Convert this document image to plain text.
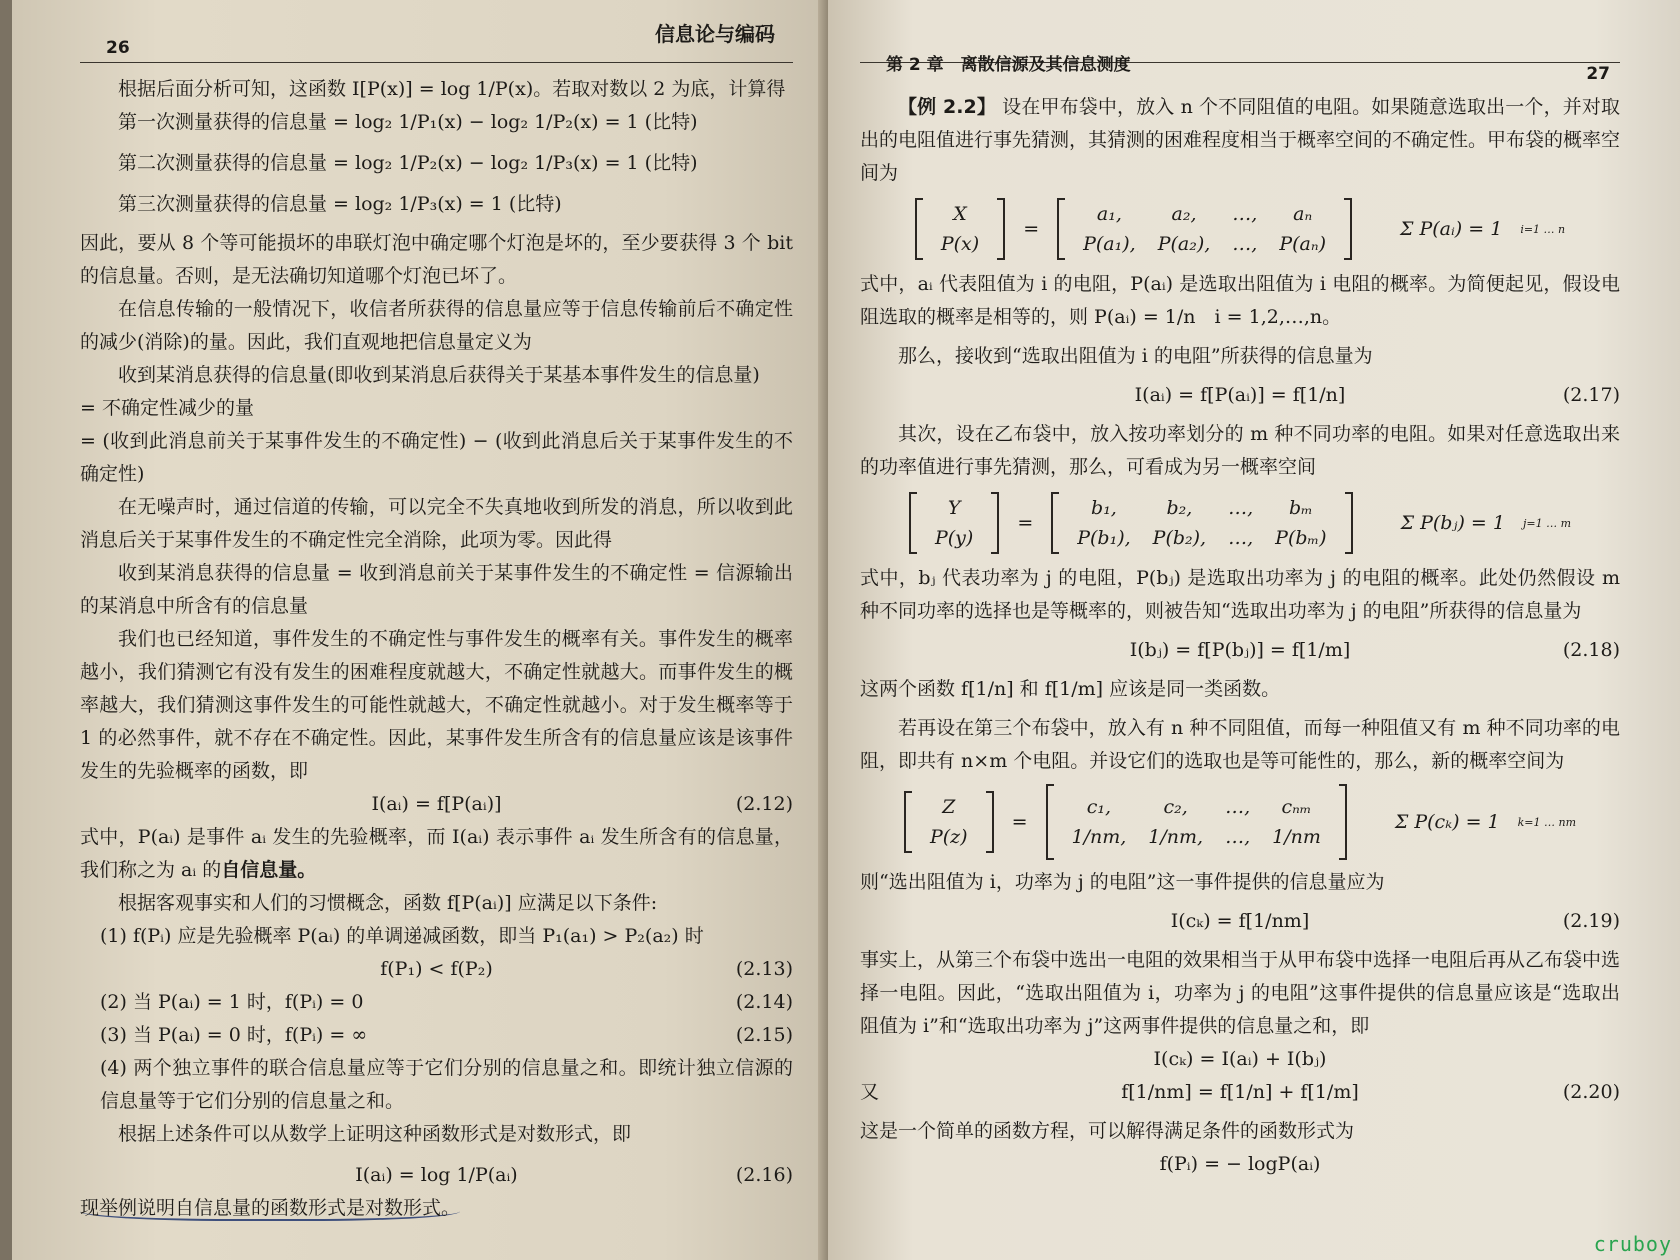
26
信息论与编码

根据后面分析可知，这函数 I[P(x)] = log 1/P(x)。若取对数以 2 为底，计算得

第一次测量获得的信息量 = log₂ 1/P₁(x) − log₂ 1/P₂(x) = 1 (比特)

第二次测量获得的信息量 = log₂ 1/P₂(x) − log₂ 1/P₃(x) = 1 (比特)

第三次测量获得的信息量 = log₂ 1/P₃(x) = 1 (比特)

因此，要从 8 个等可能损坏的串联灯泡中确定哪个灯泡是坏的，至少要获得 3 个 bit 的信息量。否则，是无法确切知道哪个灯泡已坏了。

在信息传输的一般情况下，收信者所获得的信息量应等于信息传输前后不确定性的减少(消除)的量。因此，我们直观地把信息量定义为

收到某消息获得的信息量(即收到某消息后获得关于某基本事件发生的信息量)

= 不确定性减少的量

= (收到此消息前关于某事件发生的不确定性) − (收到此消息后关于某事件发生的不确定性)

在无噪声时，通过信道的传输，可以完全不失真地收到所发的消息，所以收到此消息后关于某事件发生的不确定性完全消除，此项为零。因此得

收到某消息获得的信息量 = 收到消息前关于某事件发生的不确定性 = 信源输出的某消息中所含有的信息量

我们也已经知道，事件发生的不确定性与事件发生的概率有关。事件发生的概率越小，我们猜测它有没有发生的困难程度就越大，不确定性就越大。而事件发生的概率越大，我们猜测这事件发生的可能性就越大，不确定性就越小。对于发生概率等于 1 的必然事件，就不存在不确定性。因此，某事件发生所含有的信息量应该是该事件发生的先验概率的函数，即

I(aᵢ) = f[P(aᵢ)]	(2.12)

式中，P(aᵢ) 是事件 aᵢ 发生的先验概率，而 I(aᵢ) 表示事件 aᵢ 发生所含有的信息量，我们称之为 aᵢ 的自信息量。

根据客观事实和人们的习惯概念，函数 f[P(aᵢ)] 应满足以下条件:

(1) f(Pᵢ) 应是先验概率 P(aᵢ) 的单调递减函数，即当 P₁(a₁) > P₂(a₂) 时

f(P₁) < f(P₂)	(2.13)

(2) 当 P(aᵢ) = 1 时，f(Pᵢ) = 0	(2.14)

(3) 当 P(aᵢ) = 0 时，f(Pᵢ) = ∞	(2.15)

(4) 两个独立事件的联合信息量应等于它们分别的信息量之和。即统计独立信源的信息量等于它们分别的信息量之和。

根据上述条件可以从数学上证明这种函数形式是对数形式，即

I(aᵢ) = log 1/P(aᵢ)	(2.16)

现举例说明自信息量的函数形式是对数形式。

第 2 章　离散信源及其信息测度	27

【例 2.2】 设在甲布袋中，放入 n 个不同阻值的电阻。如果随意选取出一个，并对取出的电阻值进行事先猜测，其猜测的困难程度相当于概率空间的不确定性。甲布袋的概率空间为

X
P(x)
=
a₁,	a₂,	…,	aₙ
P(a₁), P(a₂), …, P(aₙ)
Σ P(aᵢ) = 1 i=1 … n

式中，aᵢ 代表阻值为 i 的电阻，P(aᵢ) 是选取出阻值为 i 电阻的概率。为简便起见，假设电阻选取的概率是相等的，则 P(aᵢ) = 1/n　i = 1,2,…,n。

那么，接收到“选取出阻值为 i 的电阻”所获得的信息量为

I(aᵢ) = f[P(aᵢ)] = f[1/n]	(2.17)

其次，设在乙布袋中，放入按功率划分的 m 种不同功率的电阻。如果对任意选取出来的功率值进行事先猜测，那么，可看成为另一概率空间

Y
P(y)
=
b₁,	b₂,	…,	bₘ
P(b₁), P(b₂), …, P(bₘ)
Σ P(bⱼ) = 1 j=1 … m

式中，bⱼ 代表功率为 j 的电阻，P(bⱼ) 是选取出功率为 j 的电阻的概率。此处仍然假设 m 种不同功率的选择也是等概率的，则被告知“选取出功率为 j 的电阻”所获得的信息量为

I(bⱼ) = f[P(bⱼ)] = f[1/m]	(2.18)

这两个函数 f[1/n] 和 f[1/m] 应该是同一类函数。

若再设在第三个布袋中，放入有 n 种不同阻值，而每一种阻值又有 m 种不同功率的电阻，即共有 n×m 个电阻。并设它们的选取也是等可能性的，那么，新的概率空间为

Z
P(z)
=
c₁,	c₂,	…,	cₙₘ
1/nm, 1/nm, …, 1/nm
Σ P(cₖ) = 1 k=1 … nm

则“选出阻值为 i，功率为 j 的电阻”这一事件提供的信息量应为

I(cₖ) = f[1/nm]	(2.19)

事实上，从第三个布袋中选出一电阻的效果相当于从甲布袋中选择一电阻后再从乙布袋中选择一电阻。因此，“选取出阻值为 i，功率为 j 的电阻”这事件提供的信息量应该是“选取出阻值为 i”和“选取出功率为 j”这两事件提供的信息量之和，即

I(cₖ) = I(aᵢ) + I(bⱼ)

又	f[1/nm] = f[1/n] + f[1/m]	(2.20)

这是一个简单的函数方程，可以解得满足条件的函数形式为

f(Pᵢ) = − logP(aᵢ)

cruboy
